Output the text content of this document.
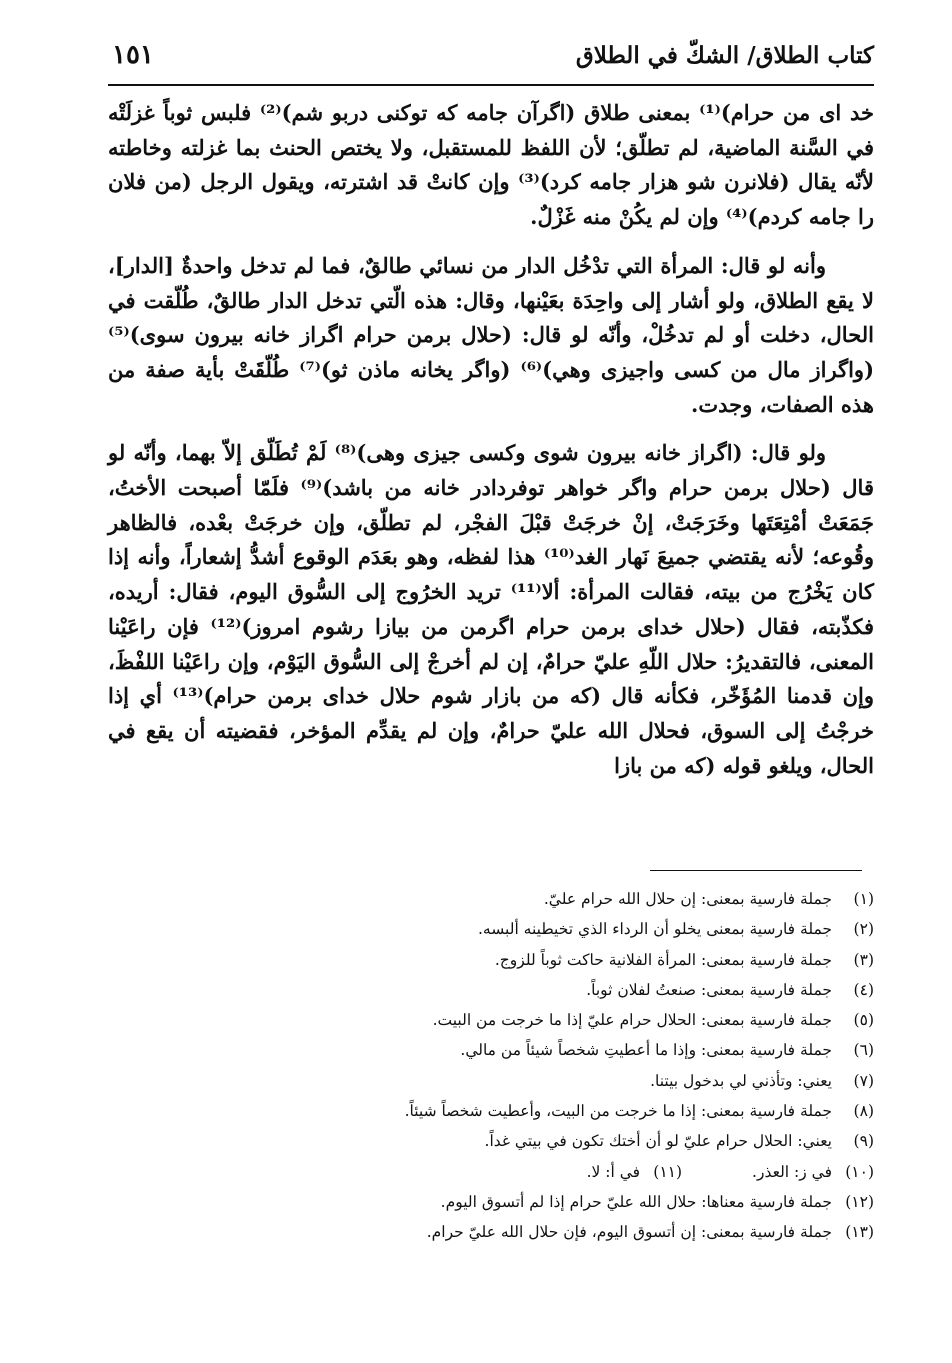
كتاب الطلاق/ الشكّ في الطلاق
١٥١

خد اى من حرام)⁽¹⁾ بمعنى طلاق (اگرآن جامه كه توكنى دربو شم)⁽²⁾ فلبس ثوباً غزلَتْه في السَّنة الماضية، لم تطلّق؛ لأن اللفظ للمستقبل، ولا يختص الحنث بما غزلته وخاطته لأنّه يقال (فلانرن شو هزار جامه كرد)⁽³⁾ وإن كانتْ قد اشترته، ويقول الرجل (من فلان را جامه كردم)⁽⁴⁾ وإن لم يكُنْ منه غَزْلٌ.

وأنه لو قال: المرأة التي تدْخُل الدار من نسائي طالقٌ، فما لم تدخل واحدةٌ [الدار]، لا يقع الطلاق، ولو أشار إلى واحِدَة بعَيْنها، وقال: هذه الّتي تدخل الدار طالقٌ، طُلّقت في الحال، دخلت أو لم تدخُلْ، وأنّه لو قال: (حلال برمن حرام اگراز خانه بيرون سوى)⁽⁵⁾ (واگراز مال من كسى واجيزى وهي)⁽⁶⁾ (واگر يخانه ماذن ثو)⁽⁷⁾ طُلّقَتْ بأية صفة من هذه الصفات، وجدت.

ولو قال: (اگراز خانه بيرون شوى وكسى جيزى وهى)⁽⁸⁾ لَمْ تُطَلّق إلاّ بهما، وأنّه لو قال (حلال برمن حرام واگر خواهر توفردادر خانه من باشد)⁽⁹⁾ فلَمّا أصبحت الأختُ، جَمَعَتْ أمْتِعَتَها وخَرَجَتْ، إنْ خرجَتْ قبْلَ الفجْر، لم تطلّق، وإن خرجَتْ بعْده، فالظاهر وقُوعه؛ لأنه يقتضي جميعَ نَهار الغد⁽¹⁰⁾ هذا لفظه، وهو بعَدَم الوقوع أشدُّ إشعاراً، وأنه إذا كان يَخْرُج من بيته، فقالت المرأة: ألا⁽¹¹⁾ تريد الخرُوج إلى السُّوق اليوم، فقال: أريده، فكذّبته، فقال (حلال خداى برمن حرام اگرمن من بيازا رشوم امروز)⁽¹²⁾ فإن راعَيْنا المعنى، فالتقديرُ: حلال اللّهِ عليّ حرامٌ، إن لم أخرجْ إلى السُّوق اليَوْم، وإن راعَيْنا اللفْظَ، وإن قدمنا المُؤَخّر، فكأنه قال (كه من بازار شوم حلال خداى برمن حرام)⁽¹³⁾ أي إذا خرجْتُ إلى السوق، فحلال الله عليّ حرامٌ، وإن لم يقدِّم المؤخر، فقضيته أن يقع في الحال، ويلغو قوله (كه من بازا

(١)جملة فارسية بمعنى: إن حلال الله حرام عليّ.
(٢)جملة فارسية بمعنى يخلو أن الرداء الذي تخيطينه ألبسه.
(٣)جملة فارسية بمعنى: المرأة الفلانية حاكت ثوباً للزوج.
(٤)جملة فارسية بمعنى: صنعتُ لفلان ثوباً.
(٥)جملة فارسية بمعنى: الحلال حرام عليّ إذا ما خرجت من البيت.
(٦)جملة فارسية بمعنى: وإذا ما أعطيتِ شخصاً شيئاً من مالي.
(٧)يعني: وتأذني لي بدخول بيتنا.
(٨)جملة فارسية بمعنى: إذا ما خرجت من البيت، وأعطيت شخصاً شيئاً.
(٩)يعني: الحلال حرام عليّ لو أن أختك تكون في بيتي غداً.
(١٠)في ز: العذر.(١١)في أ: لا.
(١٢)جملة فارسية معناها: حلال الله عليّ حرام إذا لم أتسوق اليوم.
(١٣)جملة فارسية بمعنى: إن أتسوق اليوم، فإن حلال الله عليّ حرام.
